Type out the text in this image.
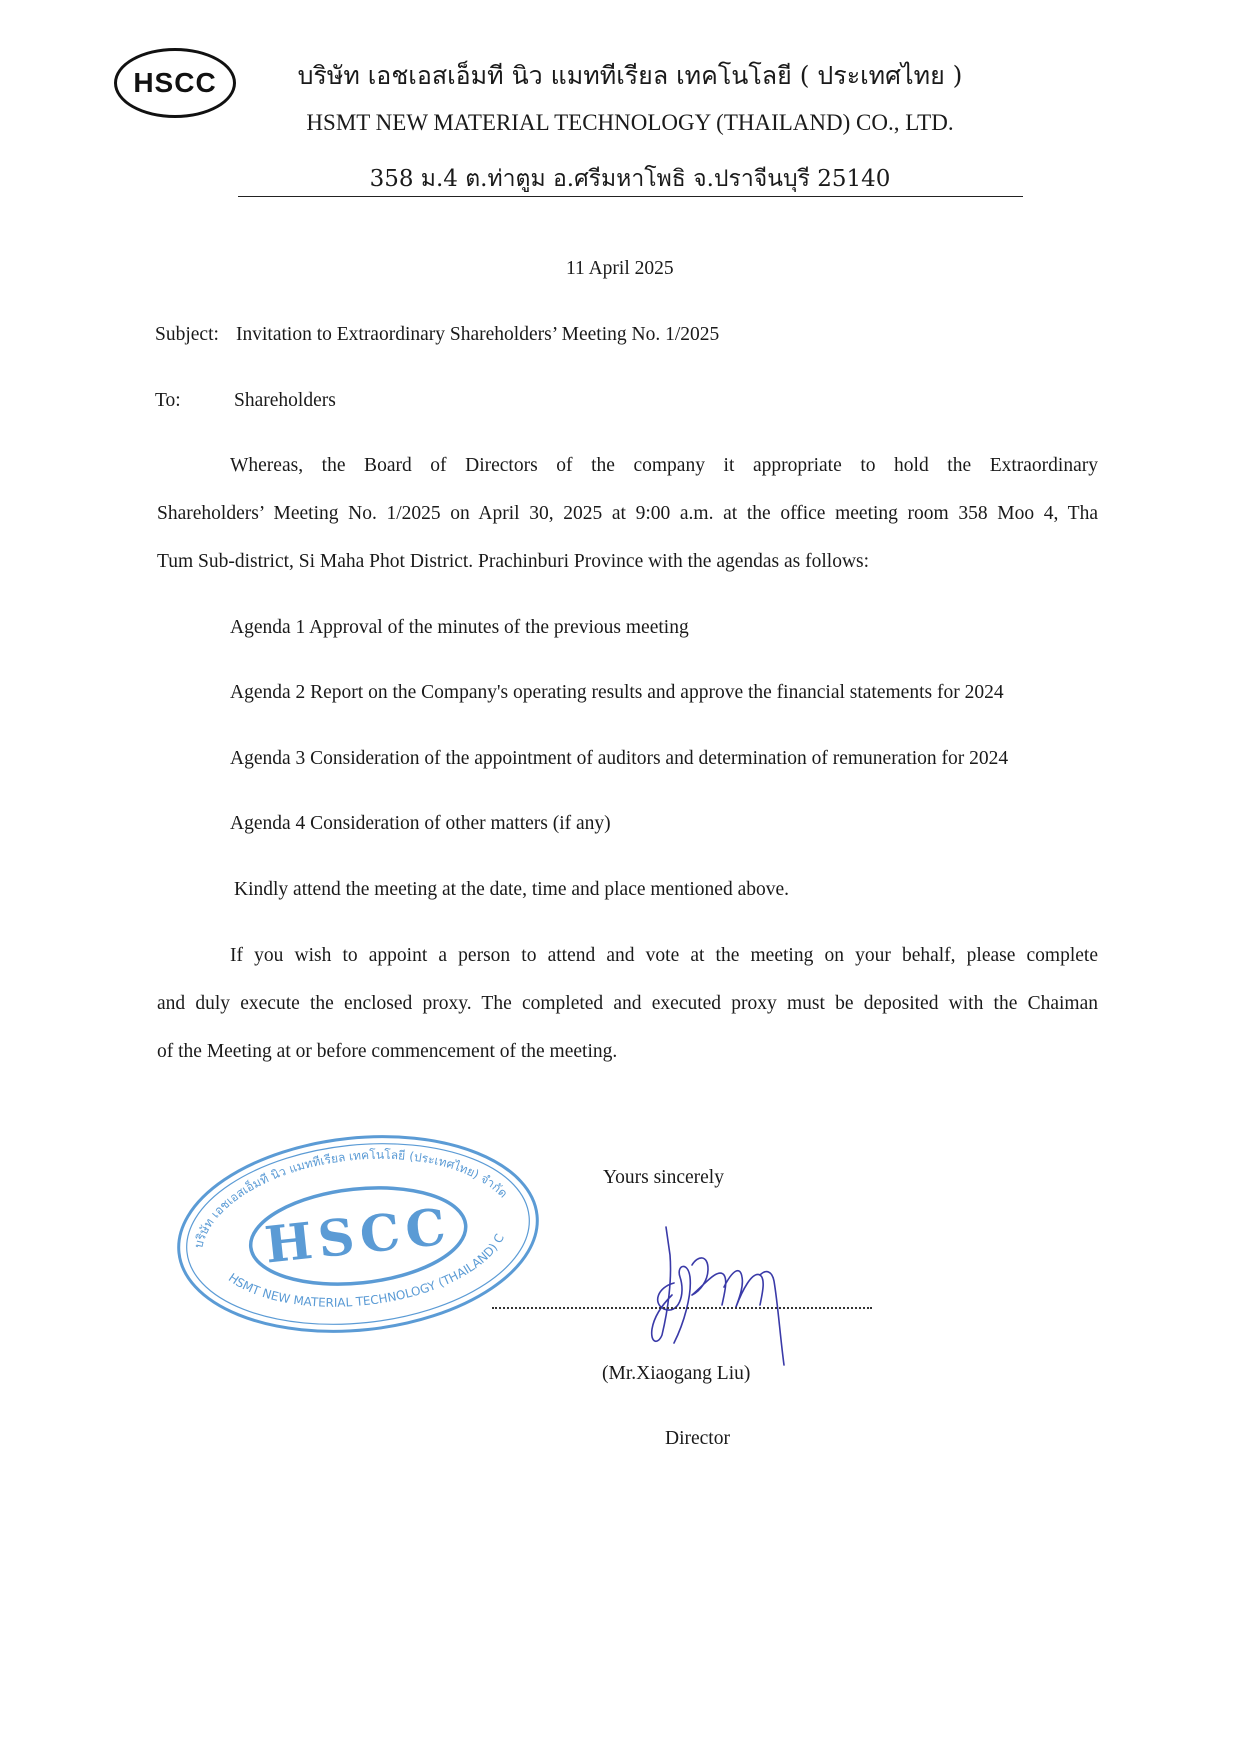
HSCC	บริษัท เอชเอสเอ็มที นิว แมททีเรียล เทคโนโลยี ( ประเทศไทย )
HSMT NEW MATERIAL TECHNOLOGY (THAILAND) CO., LTD.
358 ม.4 ต.ท่าตูม อ.ศรีมหาโพธิ จ.ปราจีนบุรี 25140
11 April 2025
Subject: Invitation to Extraordinary Shareholders’ Meeting No. 1/2025
To:	Shareholders
Whereas, the Board of Directors of the company it appropriate to hold the Extraordinary
Shareholders’ Meeting No. 1/2025 on April 30, 2025 at 9:00 a.m. at the office meeting room 358 Moo 4, Tha
Tum Sub-district, Si Maha Phot District. Prachinburi Province with the agendas as follows:
Agenda 1 Approval of the minutes of the previous meeting
Agenda 2 Report on the Company's operating results and approve the financial statements for 2024
Agenda 3 Consideration of the appointment of auditors and determination of remuneration for 2024
Agenda 4 Consideration of other matters (if any)
Kindly attend the meeting at the date, time and place mentioned above.
If you wish to appoint a person to attend and vote at the meeting on your behalf, please complete
and duly execute the enclosed proxy. The completed and executed proxy must be deposited with the Chaiman
of the Meeting at or before commencement of the meeting.
บริษัท เอชเอสเอ็มที นิว แมททีเรียล เทคโนโลยี (ประเทศไทย) จำกัด
HSMT NEW MATERIAL TECHNOLOGY (THAILAND) CO.,LTD.
HSCC
Yours sincerely
(Mr.Xiaogang Liu)
Director
